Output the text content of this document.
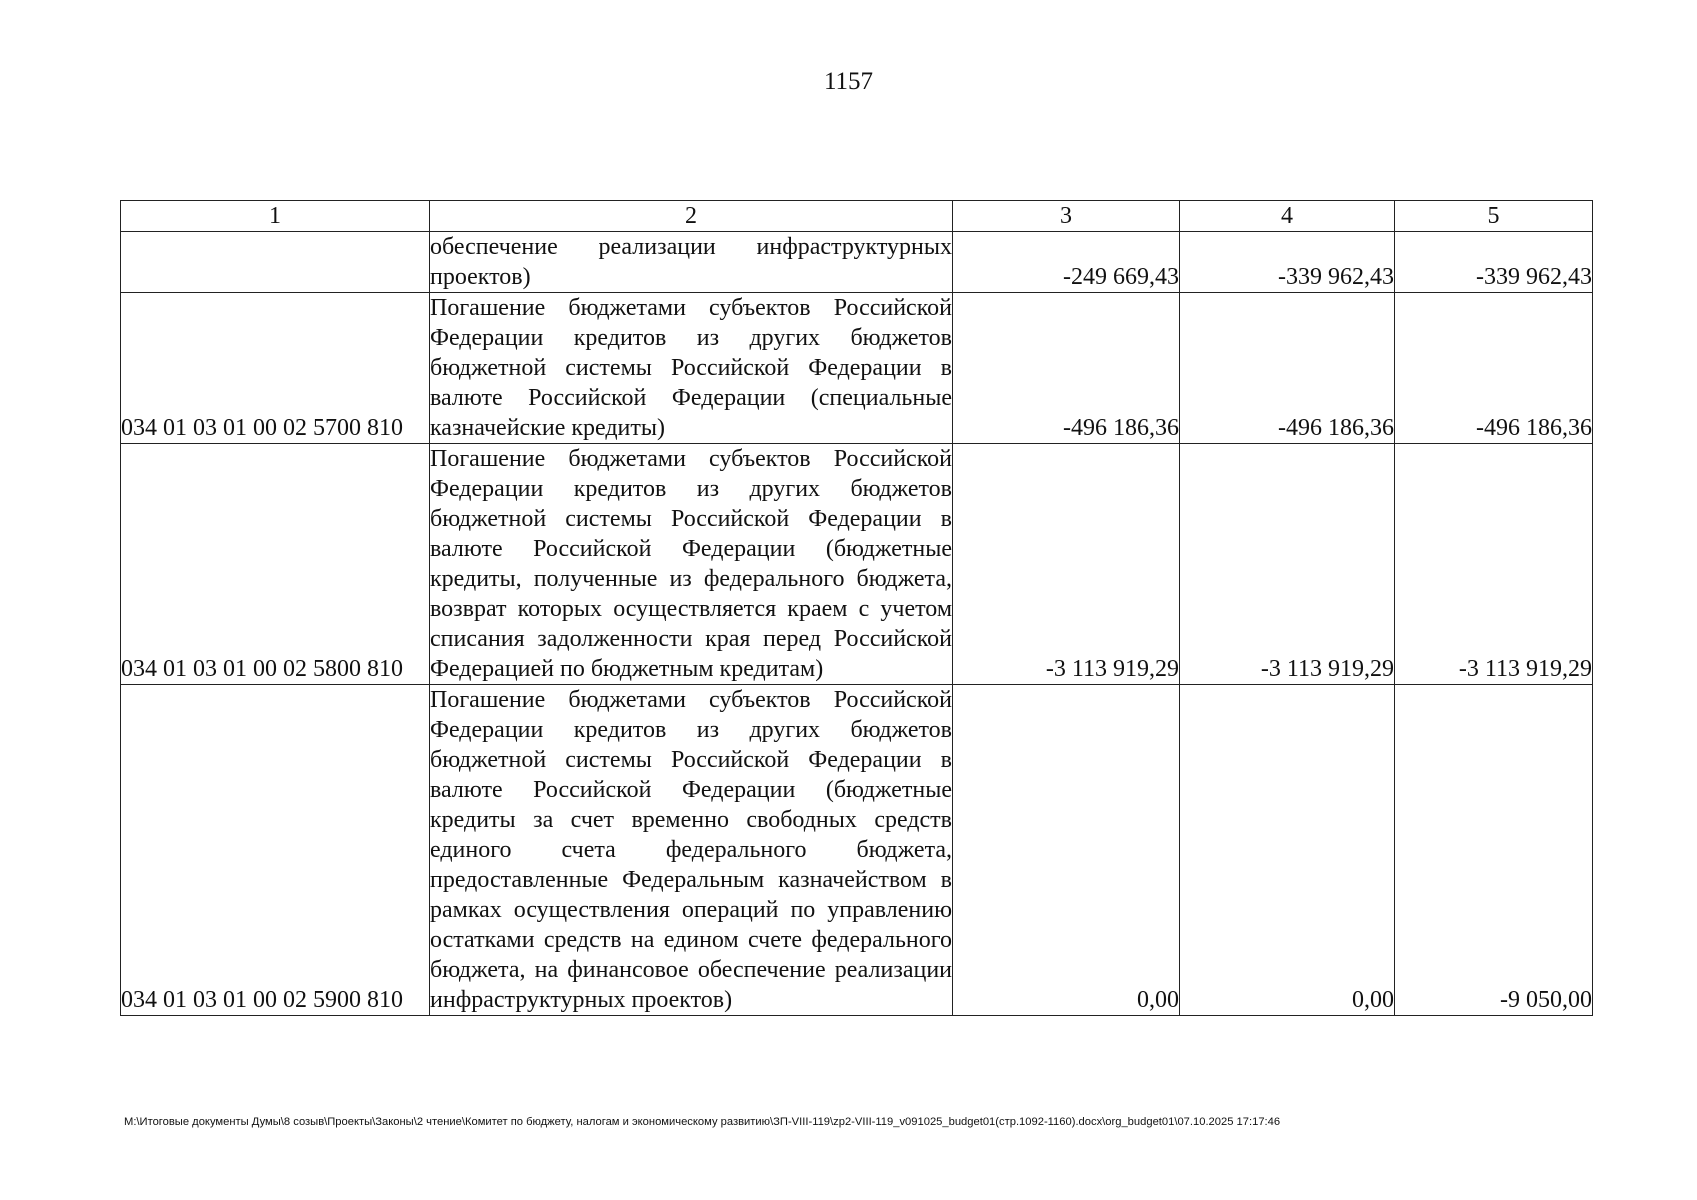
1157
1	2	3	4	5
	обеспечение реализации инфраструктурных проектов)	-249 669,43	-339 962,43	-339 962,43
034 01 03 01 00 02 5700 810	Погашение бюджетами субъектов Российской Федерации кредитов из других бюджетов бюджетной системы Российской Федерации в валюте Российской Федерации (специальные казначейские кредиты)	-496 186,36	-496 186,36	-496 186,36
034 01 03 01 00 02 5800 810	Погашение бюджетами субъектов Российской Федерации кредитов из других бюджетов бюджетной системы Российской Федерации в валюте Российской Федерации (бюджетные кредиты, полученные из федерального бюджета, возврат которых осуществляется краем с учетом списания задолженности края перед Российской Федерацией по бюджетным кредитам)	-3 113 919,29	-3 113 919,29	-3 113 919,29
034 01 03 01 00 02 5900 810	Погашение бюджетами субъектов Российской Федерации кредитов из других бюджетов бюджетной системы Российской Федерации в валюте Российской Федерации (бюджетные кредиты за счет временно свободных средств единого счета федерального бюджета, предоставленные Федеральным казначейством в рамках осуществления операций по управлению остатками средств на едином счете федерального бюджета, на финансовое обеспечение реализации инфраструктурных проектов)	0,00	0,00	-9 050,00
M:\Итоговые документы Думы\8 созыв\Проекты\Законы\2 чтение\Комитет по бюджету, налогам и экономическому развитию\ЗП-VIII-119\zp2-VIII-119_v091025_budget01(стр.1092-1160).docx\org_budget01\07.10.2025 17:17:46
